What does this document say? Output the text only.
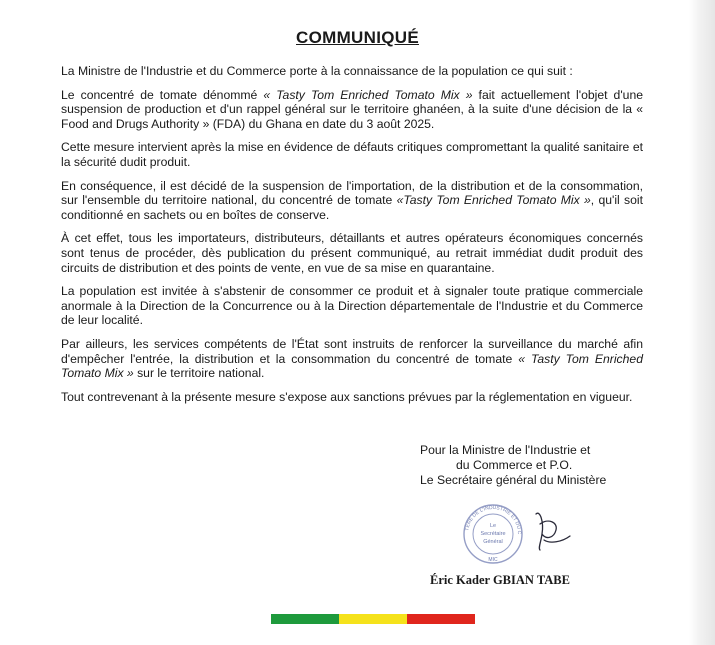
COMMUNIQUÉ

La Ministre de l'Industrie et du Commerce porte à la connaissance de la population ce qui suit :

Le concentré de tomate dénommé « Tasty Tom Enriched Tomato Mix » fait actuellement l'objet d'une suspension de production et d'un rappel général sur le territoire ghanéen, à la suite d'une décision de la « Food and Drugs Authority » (FDA) du Ghana en date du 3 août 2025.

Cette mesure intervient après la mise en évidence de défauts critiques compromettant la qualité sanitaire et la sécurité dudit produit.

En conséquence, il est décidé de la suspension de l'importation, de la distribution et de la consommation, sur l'ensemble du territoire national, du concentré de tomate «Tasty Tom Enriched Tomato Mix », qu'il soit conditionné en sachets ou en boîtes de conserve.

À cet effet, tous les importateurs, distributeurs, détaillants et autres opérateurs économiques concernés sont tenus de procéder, dès publication du présent communiqué, au retrait immédiat dudit produit des circuits de distribution et des points de vente, en vue de sa mise en quarantaine.

La population est invitée à s'abstenir de consommer ce produit et à signaler toute pratique commerciale anormale à la Direction de la Concurrence ou à la Direction départementale de l'Industrie et du Commerce de leur localité.

Par ailleurs, les services compétents de l'État sont instruits de renforcer la surveillance du marché afin d'empêcher l'entrée, la distribution et la consommation du concentré de tomate « Tasty Tom Enriched Tomato Mix » sur le territoire national.

Tout contrevenant à la présente mesure s'expose aux sanctions prévues par la réglementation en vigueur.

Pour la Ministre de l'Industrie et
du Commerce et P.O.
Le Secrétaire général du Ministère
TERE DE L'INDUSTRIE ET DU C
Le
Secrétaire
Général
MIC
Éric Kader GBIAN TABE
